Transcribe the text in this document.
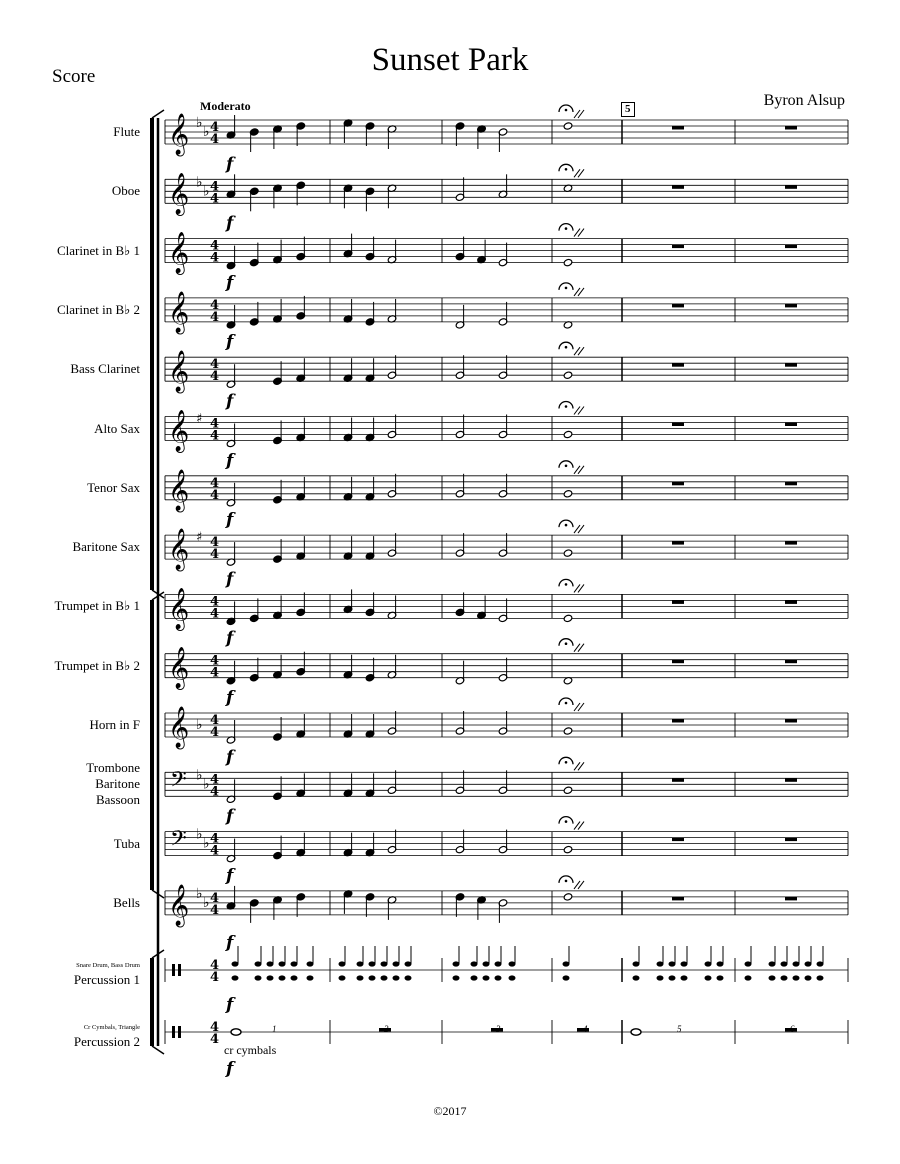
𝄞 ♭
♭ 4
4
𝄞 ♭
♭ 4
4
f
𝄞 4
4
f
𝄞 4
4
f
𝄞 4
4
f
𝄞 ♯ 4
4
f
𝄞 4
4
f
𝄞 ♯ 4
4
f
𝄞 4
4
f
𝄞 4
4
f
𝄞 ♭ 4
4
f
𝄢 ♭
♭ 4
4
f
𝄢 ♭
♭ 4
4
f
𝄞 ♭
♭ 4
4
f
4
4
f
4
4
f
f
Sunset Park
Score
Byron Alsup
Moderato	5
Flute
Oboe
Clarinet in B♭ 1
Clarinet in B♭ 2
Bass Clarinet
Alto Sax
Tenor Sax
Baritone Sax
Trumpet in B♭ 1
Trumpet in B♭ 2
Horn in F
Trombone
Baritone
Bassoon
Tuba
Bells
Percussion 1
Snare Drum, Bass Drum
Percussion 2
Cr Cymbals, Triangle
cr cymbals
1	2	3	4	5	6
©2017
